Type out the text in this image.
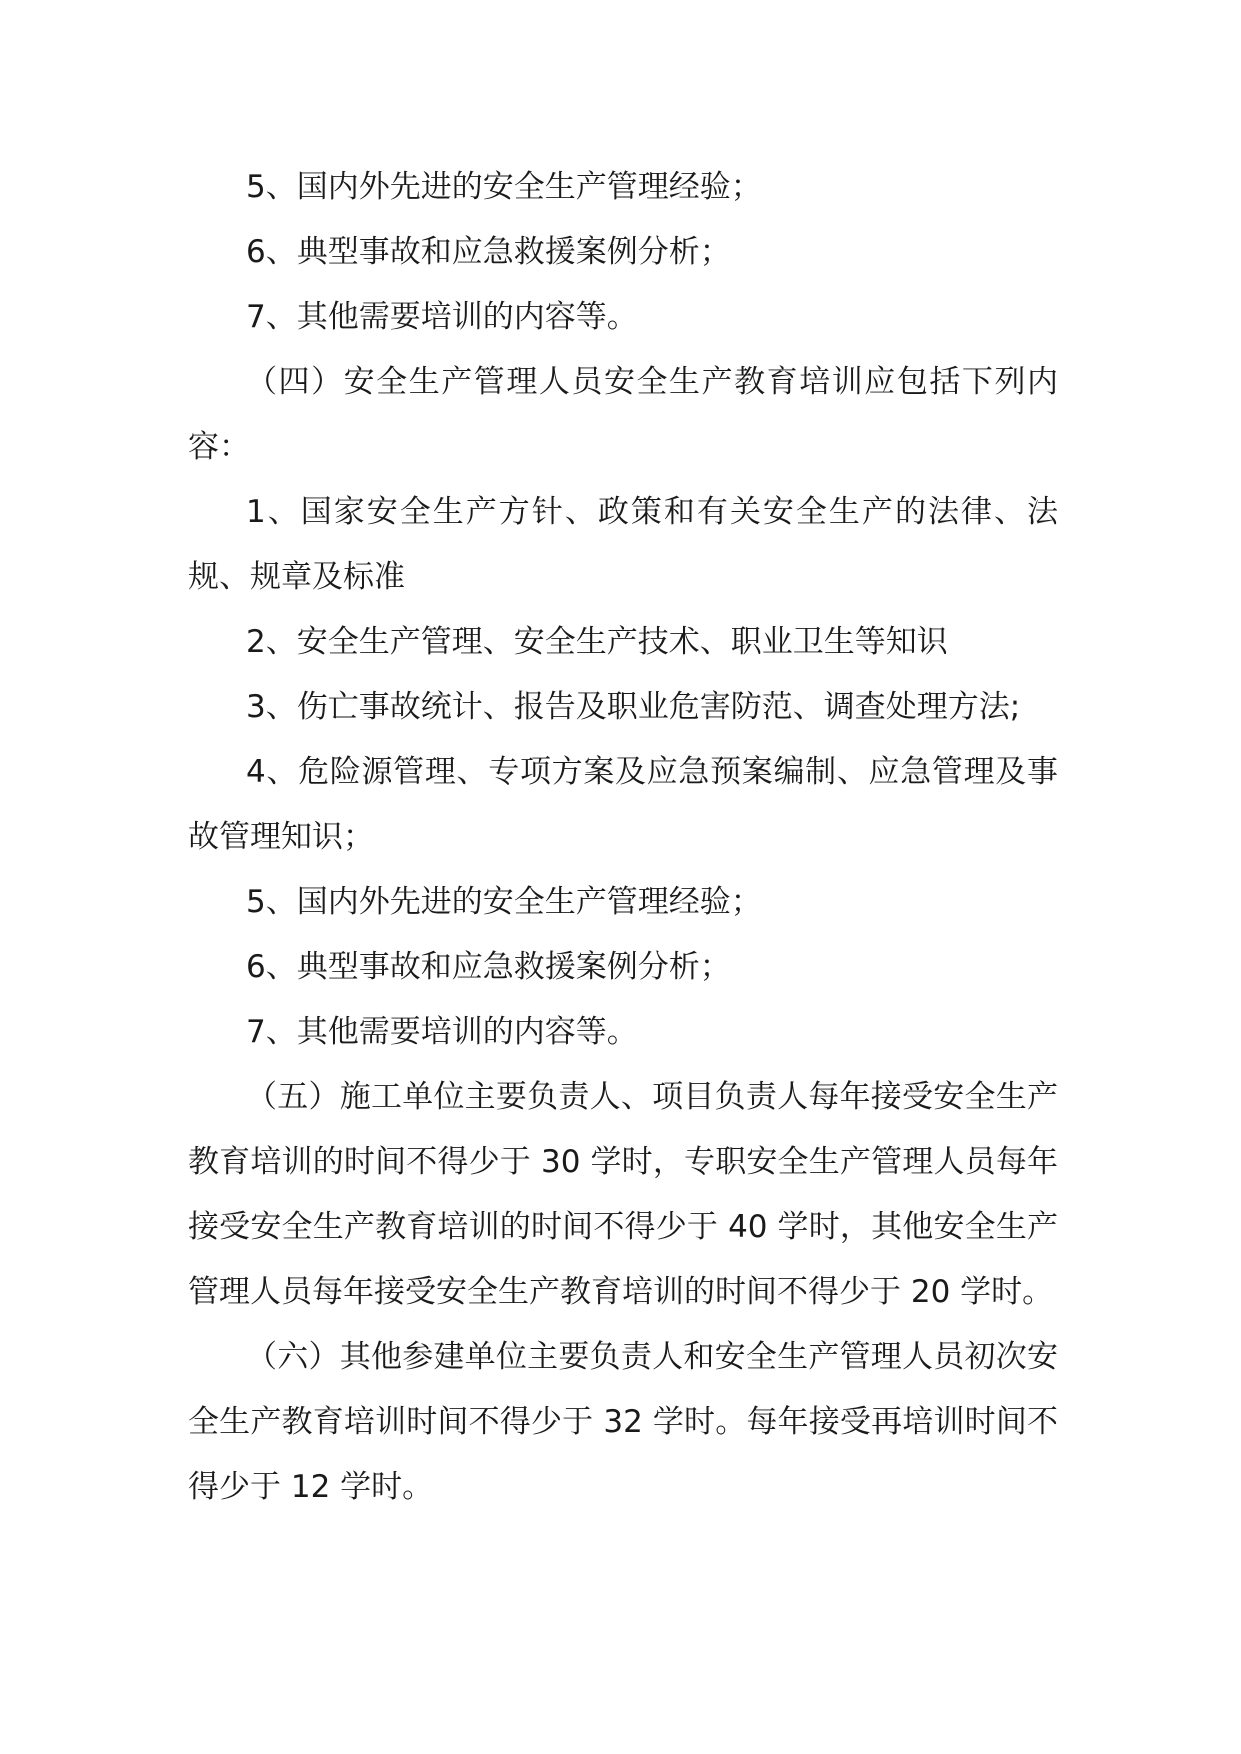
5、国内外先进的安全生产管理经验；

6、典型事故和应急救援案例分析；

7、其他需要培训的内容等。

（四）安全生产管理人员安全生产教育培训应包括下列内容：

1、国家安全生产方针、政策和有关安全生产的法律、法规、规章及标准

2、安全生产管理、安全生产技术、职业卫生等知识

3、伤亡事故统计、报告及职业危害防范、调查处理方法;

4、危险源管理、专项方案及应急预案编制、应急管理及事故管理知识；

5、国内外先进的安全生产管理经验；

6、典型事故和应急救援案例分析；

7、其他需要培训的内容等。

（五）施工单位主要负责人、项目负责人每年接受安全生产教育培训的时间不得少于 30 学时，专职安全生产管理人员每年接受安全生产教育培训的时间不得少于 40 学时，其他安全生产管理人员每年接受安全生产教育培训的时间不得少于 20 学时。

（六）其他参建单位主要负责人和安全生产管理人员初次安全生产教育培训时间不得少于 32 学时。每年接受再培训时间不得少于 12 学时。
